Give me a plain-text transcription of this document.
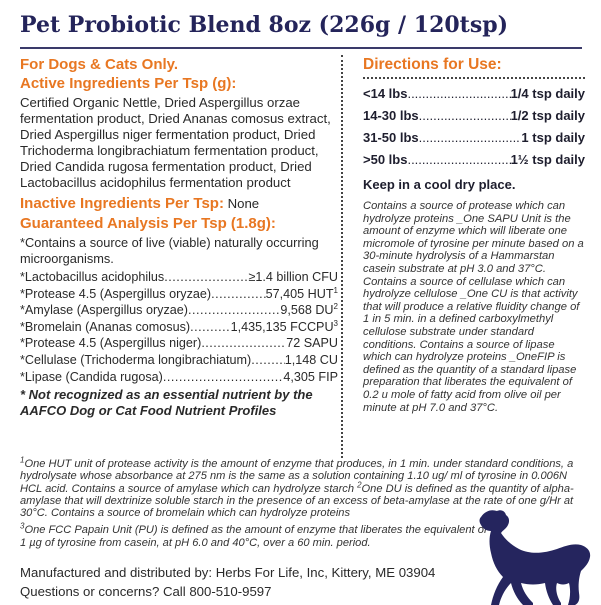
Pet Probiotic Blend 8oz (226g / 120tsp)
For Dogs & Cats Only.
Active Ingredients Per Tsp (g):
Certified Organic Nettle, Dried Aspergillus orzae fermentation product, Dried Ananas comosus extract, Dried Aspergillus niger fermentation product, Dried Trichoderma longibrachiatum fermentation product, Dried Candida rugosa fermentation product, Dried Lactobacillus acidophilus fermentation product
Inactive Ingredients Per Tsp: None
Guaranteed Analysis Per Tsp (1.8g):
*Contains a source of live (viable) naturally occurring microorganisms.
*Lactobacillus acidophilus .....	≥1.4 billion CFU
*Protease 4.5 (Aspergillus oryzae) .....	57,405 HUT$^1$
*Amylase (Aspergillus oryzae) .....	9,568 $DU^2$
*Bromelain (Ananas comosus) .....	1,435,135 FCCPU$^3$
*Protease 4.5 (Aspergillus niger) .....	72 SAPU
*Cellulase (Trichoderma longibrachiatum) .....	1,148 CU
*Lipase (Candida rugosa) .....	4,305 FIP
* Not recognized as an essential nutrient by the AAFCO Dog or Cat Food Nutrient Profiles
Directions for Use:
<14 lbs .....	1/4 tsp daily
14-30 lbs .....	1/2 tsp daily
31-50 lbs .....	1 tsp daily
>50 lbs .....	1½ tsp daily
Keep in a cool dry place.
Contains a source of protease which can hydrolyze proteins _One SAPU Unit is the amount of enzyme which will liberate one micromole of tyrosine per minute based on a 30-minute hydrolysis of a Hammarstan casein substrate at pH 3.0 and 37°C. Contains a source of cellulase which can hydrolyze cellulose _One CU is that activity that will produce a relative fluidity change of 1 in 5 min. in a defined carboxylmethyl cellulose substrate under standard conditions. Contains a source of lipase which can hydrolyze proteins _OneFIP is defined as the quantity of a standard lipase preparation that liberates the equivalent of 0.2 u mole of fatty acid from olive oil per minute at pH 7.0 and 37°C.
$^1$One HUT unit of protease activity is the amount of enzyme that produces, in 1 min. under standard conditions, a hydrolysate whose absorbance at 275 nm is the same as a solution containing 1.10 ug/ ml of tyrosine in 0.006N HCL acid. Contains a source of amylase which can hydrolyze starch $^2$One DU is defined as the quantity of alpha-amylase that will dextrinize soluble starch in the presence of an excess of beta-amylase at the rate of one g/Hr at 30°C. Contains a source of bromelain which can hydrolyze proteins
$^3$One FCC Papain Unit (PU) is defined as the amount of enzyme that liberates the equivalent of 1 µg of tyrosine from casein, at pH 6.0 and 40°C, over a 60 min. period.
Manufactured and distributed by: Herbs For Life, Inc, Kittery, ME 03904
Questions or concerns? Call 800-510-9597
